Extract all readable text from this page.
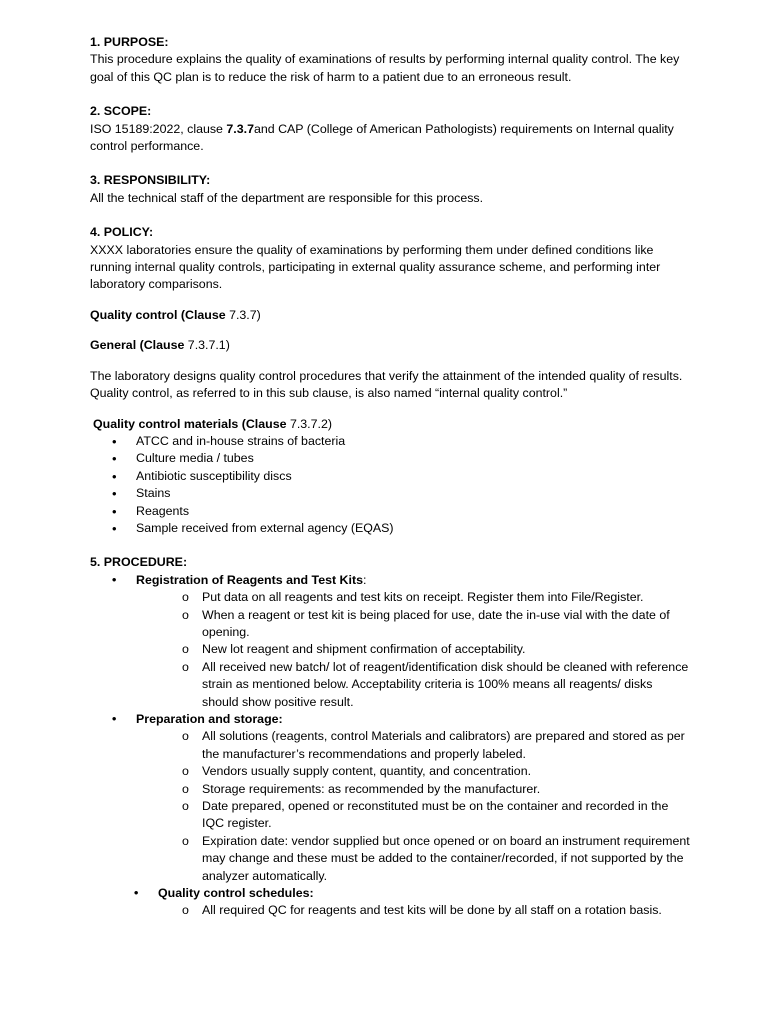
1. PURPOSE:

This procedure explains the quality of examinations of results by performing internal quality control. The key goal of this QC plan is to reduce the risk of harm to a patient due to an erroneous result.

2. SCOPE:

ISO 15189:2022, clause 7.3.7and CAP (College of American Pathologists) requirements on Internal quality control performance.

3. RESPONSIBILITY:

All the technical staff of the department are responsible for this process.

4. POLICY:

XXXX laboratories ensure the quality of examinations by performing them under defined conditions like running internal quality controls, participating in external quality assurance scheme, and performing inter laboratory comparisons.

Quality control (Clause 7.3.7)

General (Clause 7.3.7.1)

The laboratory designs quality control procedures that verify the attainment of the intended quality of results. Quality control, as referred to in this sub clause, is also named “internal quality control.”

Quality control materials (Clause 7.3.7.2)

• ATCC and in-house strains of bacteria
• Culture media / tubes
• Antibiotic susceptibility discs
• Stains
• Reagents
• Sample received from external agency (EQAS)
5. PROCEDURE:
• Registration of Reagents and Test Kits:
o Put data on all reagents and test kits on receipt. Register them into File/Register.
o When a reagent or test kit is being placed for use, date the in-use vial with the date of opening.
o New lot reagent and shipment confirmation of acceptability.
o All received new batch/ lot of reagent/identification disk should be cleaned with reference strain as mentioned below. Acceptability criteria is 100% means all reagents/ disks should show positive result.
• Preparation and storage:
o All solutions (reagents, control Materials and calibrators) are prepared and stored as per the manufacturer’s recommendations and properly labeled.
o Vendors usually supply content, quantity, and concentration.
o Storage requirements: as recommended by the manufacturer.
o Date prepared, opened or reconstituted must be on the container and recorded in the IQC register.
o Expiration date: vendor supplied but once opened or on board an instrument requirement may change and these must be added to the container/recorded, if not supported by the analyzer automatically.
• Quality control schedules:
o All required QC for reagents and test kits will be done by all staff on a rotation basis.
